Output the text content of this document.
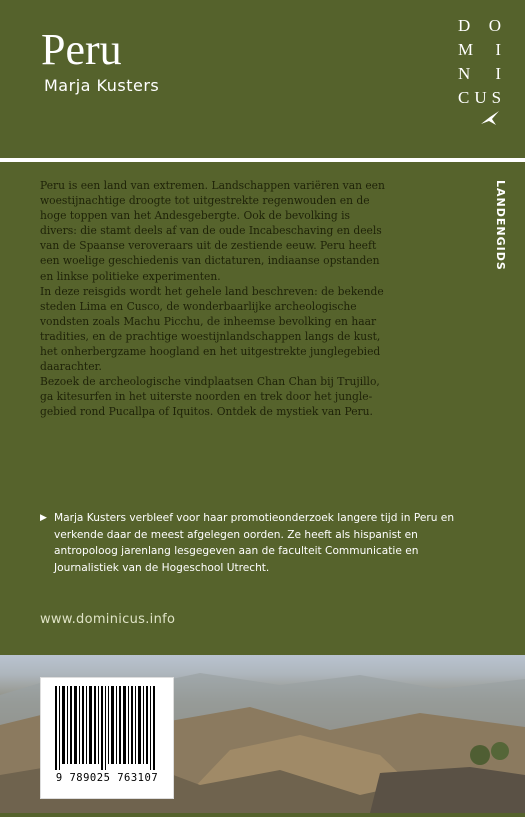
Peru
Marja Kusters
D O
M I
N I
C U S
LANDENGIDS

Peru is een land van extremen. Landschappen variëren van een woestijnachtige droogte tot uitgestrekte regenwouden en de hoge toppen van het Andesgebergte. Ook de bevolking is divers: die stamt deels af van de oude Incabeschaving en deels van de Spaanse veroveraars uit de zestiende eeuw. Peru heeft een woelige geschiedenis van dictaturen, indiaanse opstanden en linkse politieke experimenten.

In deze reisgids wordt het gehele land beschreven: de bekende steden Lima en Cusco, de wonderbaarlijke archeologische vondsten zoals Machu Picchu, de inheemse bevolking en haar tradities, en de prachtige woestijnlandschappen langs de kust, het onherbergzame hoogland en het uitgestrekte junglegebied daarachter.

Bezoek de archeologische vindplaatsen Chan Chan bij Trujillo, ga kitesurfen in het uiterste noorden en trek door het jungle-gebied rond Pucallpa of Iquitos. Ontdek de mystiek van Peru.

▶ Marja Kusters verbleef voor haar promotieonderzoek langere tijd in Peru en verkende daar de meest afgelegen oorden. Ze heeft als hispanist en antropoloog jarenlang lesgegeven aan de faculteit Communicatie en Journalistiek van de Hogeschool Utrecht.
www.dominicus.info
9 789025 763107
